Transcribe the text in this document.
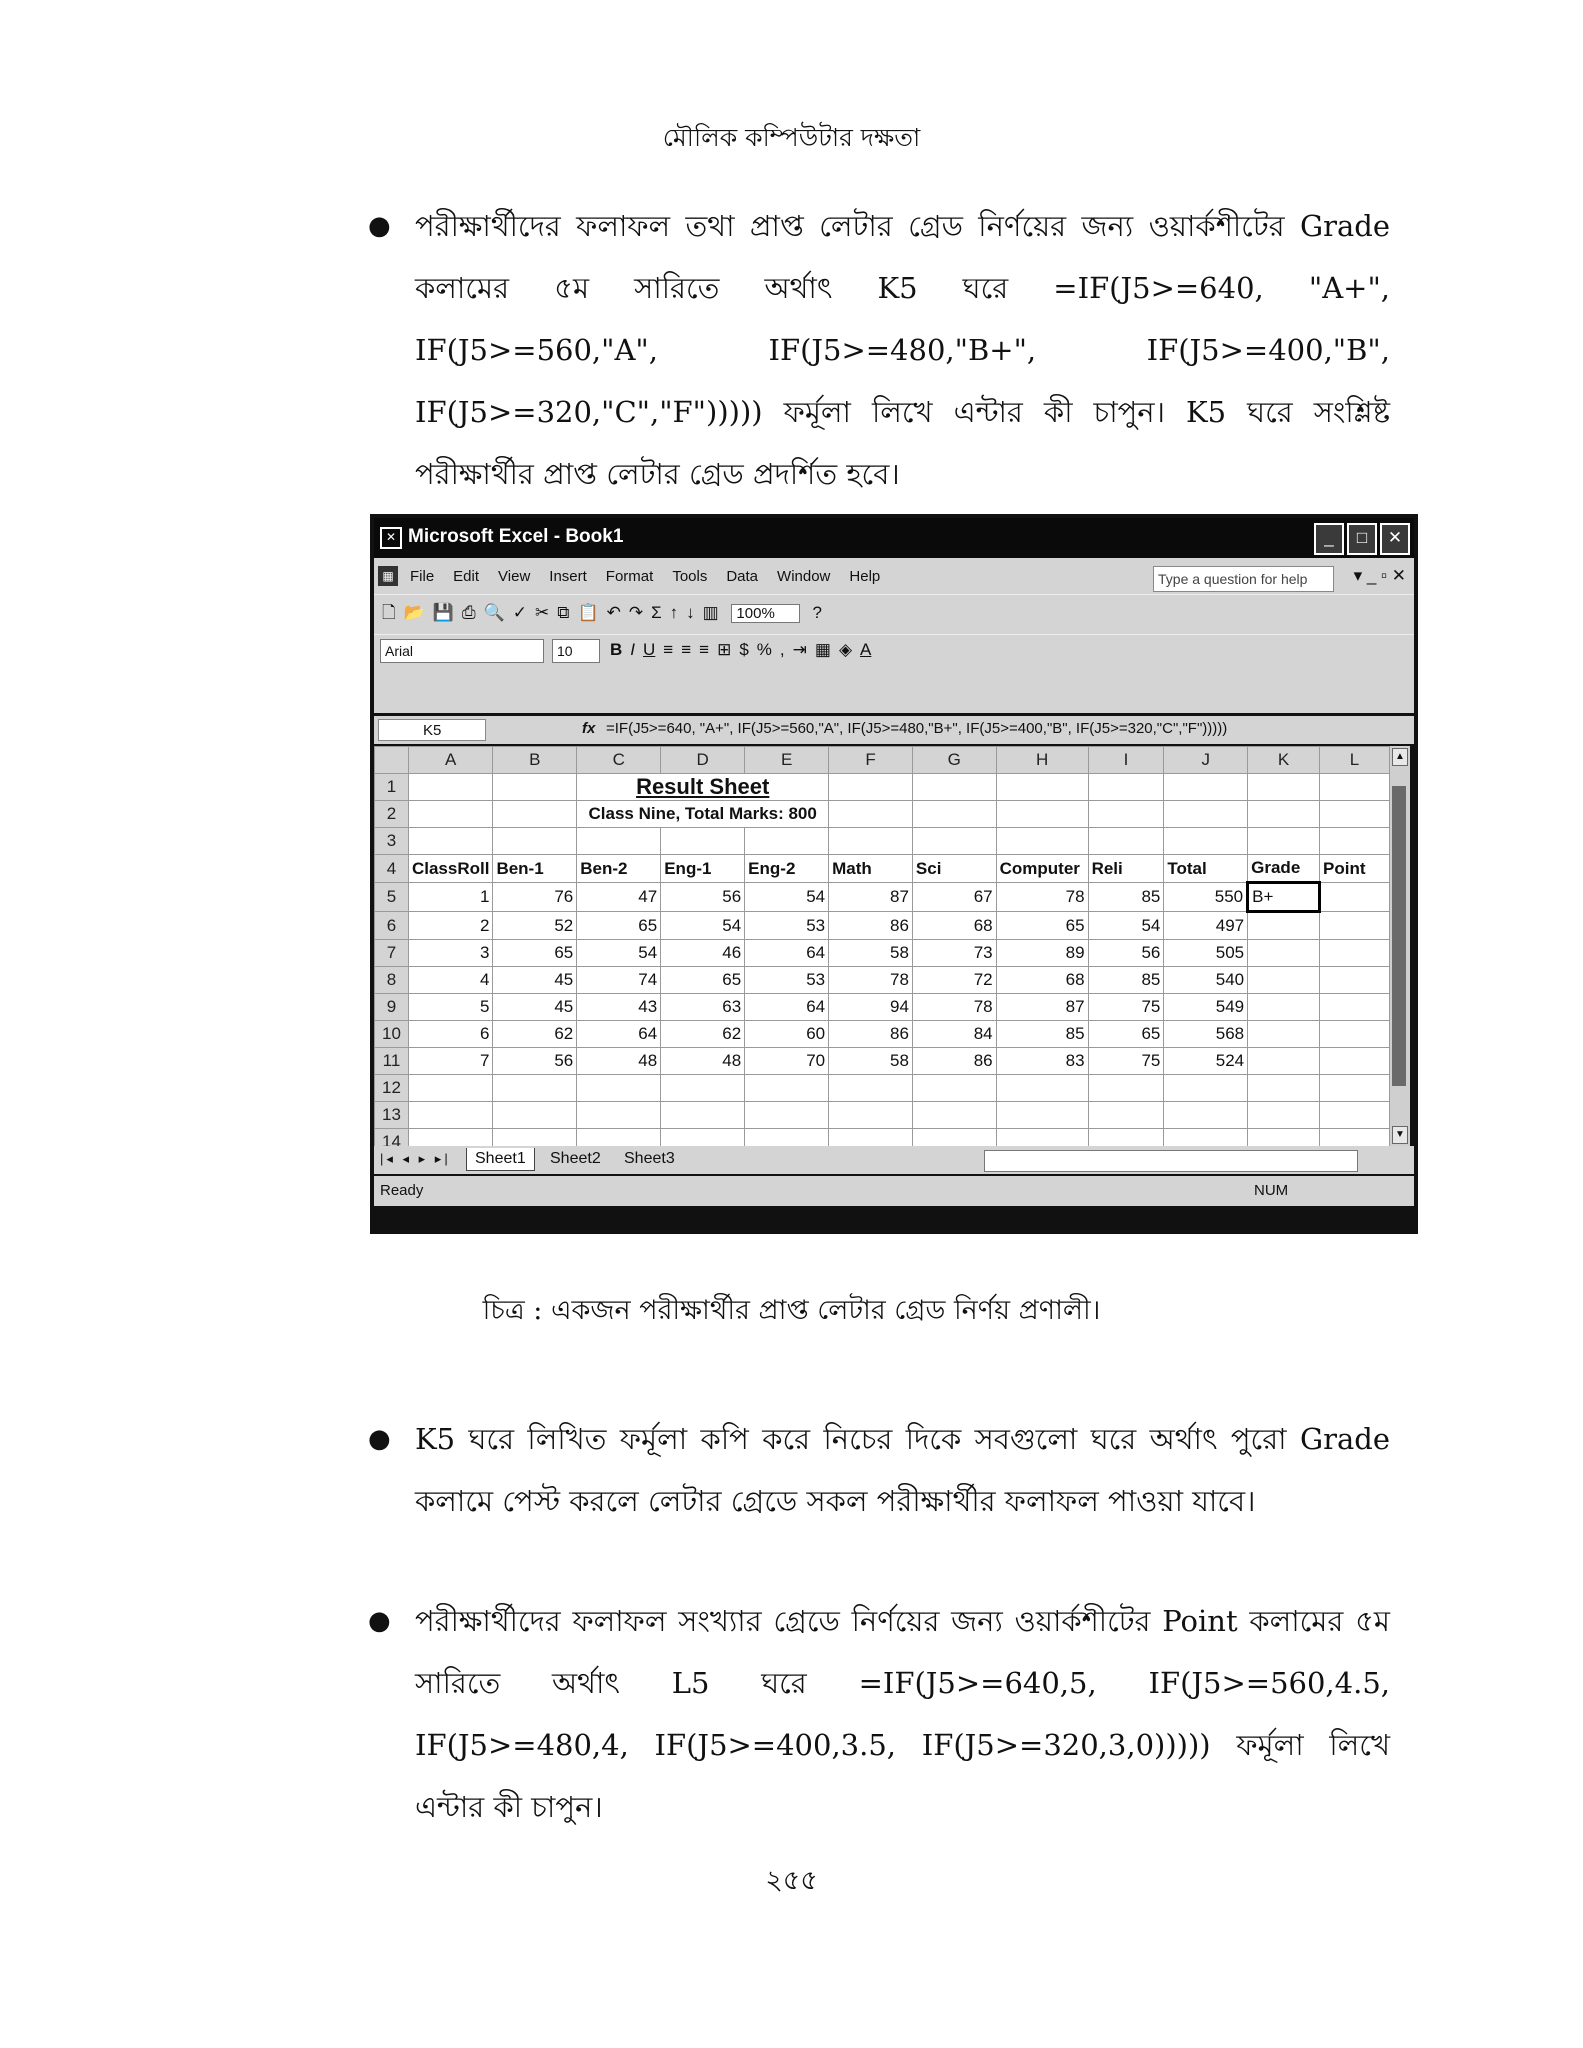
মৌলিক কম্পিউটার দক্ষতা
● পরীক্ষার্থীদের ফলাফল তথা প্রাপ্ত লেটার গ্রেড নির্ণয়ের জন্য ওয়ার্কশীটের Grade কলামের ৫ম সারিতে অর্থাৎ K5 ঘরে =IF(J5>=640, "A+", IF(J5>=560,"A", IF(J5>=480,"B+", IF(J5>=400,"B", IF(J5>=320,"C","F"))))) ফর্মূলা লিখে এন্টার কী চাপুন। K5 ঘরে সংশ্লিষ্ট পরীক্ষার্থীর প্রাপ্ত লেটার গ্রেড প্রদর্শিত হবে।

✕ Microsoft Excel - Book1	_ □ ✕
▦ File Edit View Insert Format Tools Data Window Help	Type a question for help	▾ _ ▫ ✕
🗋 📂 💾 ⎙ 🔍 ✓ ✂ ⧉ 📋 ↶ ↷ Σ ↑ ↓ ▥ 100% ?
Arial	10	B I U ≡ ≡ ≡ ⊞ $ % , ⇥ ▦ ◈ A
K5	fx =IF(J5>=640, "A+", IF(J5>=560,"A", IF(J5>=480,"B+", IF(J5>=400,"B", IF(J5>=320,"C","F")))))
	A	B	C	D	E	F	G	H	I	J	K	L
1			Result Sheet									
2			Class Nine, Total Marks: 800									
3												
4	ClassRoll	Ben-1	Ben-2	Eng-1	Eng-2	Math	Sci	Computer	Reli	Total	Grade	Point
5	1	76	47	56	54	87	67	78	85	550	B+	
6	2	52	65	54	53	86	68	65	54	497		
7	3	65	54	46	64	58	73	89	56	505		
8	4	45	74	65	53	78	72	68	85	540		
9	5	45	43	63	64	94	78	87	75	549		
10	6	62	64	62	60	86	84	85	65	568		
11	7	56	48	48	70	58	86	83	75	524		
12												
13												
14												

▲
▼
|◂ ◂ ▸ ▸|	Sheet1	Sheet2	Sheet3
Ready	NUM
চিত্র : একজন পরীক্ষার্থীর প্রাপ্ত লেটার গ্রেড নির্ণয় প্রণালী।
● K5 ঘরে লিখিত ফর্মূলা কপি করে নিচের দিকে সবগুলো ঘরে অর্থাৎ পুরো Grade কলামে পেস্ট করলে লেটার গ্রেডে সকল পরীক্ষার্থীর ফলাফল পাওয়া যাবে।

● পরীক্ষার্থীদের ফলাফল সংখ্যার গ্রেডে নির্ণয়ের জন্য ওয়ার্কশীটের Point কলামের ৫ম সারিতে অর্থাৎ L5 ঘরে =IF(J5>=640,5, IF(J5>=560,4.5, IF(J5>=480,4, IF(J5>=400,3.5, IF(J5>=320,3,0))))) ফর্মূলা লিখে এন্টার কী চাপুন।

২৫৫
